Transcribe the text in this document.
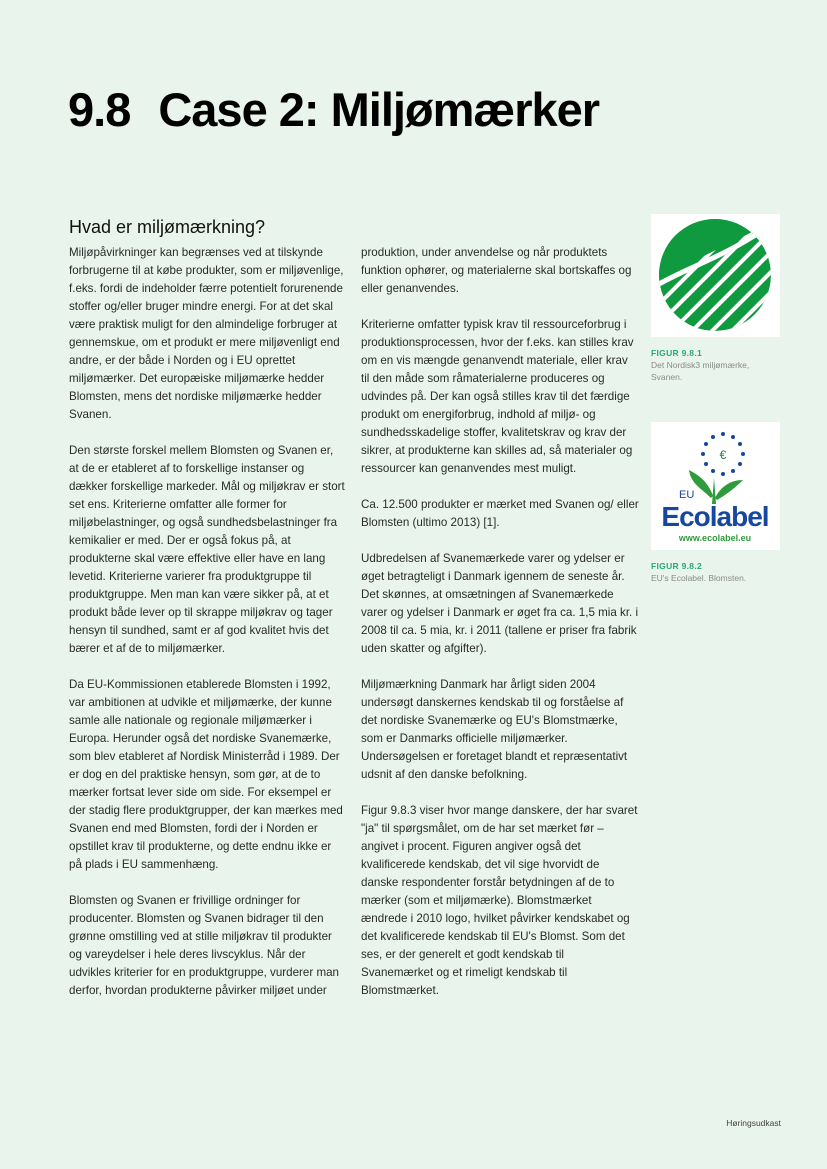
9.8 Case 2: Miljømærker
Hvad er miljømærkning?

Miljøpåvirkninger kan begrænses ved at tilskynde forbrugerne til at købe produkter, som er miljøvenlige, f.eks. fordi de indeholder færre potentielt forurenende stoffer og/eller bruger mindre energi. For at det skal være praktisk muligt for den almindelige forbruger at gennemskue, om et produkt er mere miljøvenligt end andre, er der både i Norden og i EU oprettet miljømærker. Det europæiske miljømærke hedder Blomsten, mens det nordiske miljømærke hedder Svanen.

Den største forskel mellem Blomsten og Svanen er, at de er etableret af to forskellige instanser og dækker forskellige markeder. Mål og miljøkrav er stort set ens. Kriterierne omfatter alle former for miljøbelastninger, og også sundhedsbelastninger fra kemikalier er med. Der er også fokus på, at produkterne skal være effektive eller have en lang levetid. Kriterierne varierer fra produktgruppe til produktgruppe. Men man kan være sikker på, at et produkt både lever op til skrappe miljøkrav og tager hensyn til sundhed, samt er af god kvalitet hvis det bærer et af de to miljømærker.

Da EU-Kommissionen etablerede Blomsten i 1992, var ambitionen at udvikle et miljømærke, der kunne samle alle nationale og regionale miljømærker i Europa. Herunder også det nordiske Svanemærke, som blev etableret af Nordisk Ministerråd i 1989. Der er dog en del praktiske hensyn, som gør, at de to mærker fortsat lever side om side. For eksempel er der stadig flere produktgrupper, der kan mærkes med Svanen end med Blomsten, fordi der i Norden er opstillet krav til produkterne, og dette endnu ikke er på plads i EU sammenhæng.

Blomsten og Svanen er frivillige ordninger for producenter. Blomsten og Svanen bidrager til den grønne omstilling ved at stille miljøkrav til produkter og vareydelser i hele deres livscyklus. Når der udvikles kriterier for en produktgruppe, vurderer man derfor, hvordan produkterne påvirker miljøet under

produktion, under anvendelse og når produktets funktion ophører, og materialerne skal bortskaffes og eller genanvendes.

Kriterierne omfatter typisk krav til ressourceforbrug i produktionsprocessen, hvor der f.eks. kan stilles krav om en vis mængde genanvendt materiale, eller krav til den måde som råmaterialerne produceres og udvindes på. Der kan også stilles krav til det færdige produkt om energiforbrug, indhold af miljø- og sundhedsskadelige stoffer, kvalitetskrav og krav der sikrer, at produkterne kan skilles ad, så materialer og ressourcer kan genanvendes mest muligt.

Ca. 12.500 produkter er mærket med Svanen og/ eller Blomsten (ultimo 2013) [1].

Udbredelsen af Svanemærkede varer og ydelser er øget betragteligt i Danmark igennem de seneste år. Det skønnes, at omsætningen af Svanemærkede varer og ydelser i Danmark er øget fra ca. 1,5 mia kr. i 2008 til ca. 5 mia, kr. i 2011 (tallene er priser fra fabrik uden skatter og afgifter).

Miljømærkning Danmark har årligt siden 2004 undersøgt danskernes kendskab til og forståelse af det nordiske Svanemærke og EU's Blomstmærke, som er Danmarks officielle miljømærker. Undersøgelsen er foretaget blandt et repræsentativt udsnit af den danske befolkning.

Figur 9.8.3 viser hvor mange danskere, der har svaret "ja" til spørgsmålet, om de har set mærket før – angivet i procent. Figuren angiver også det kvalificerede kendskab, det vil sige hvorvidt de danske respondenter forstår betydningen af de to mærker (som et miljømærke). Blomstmærket ændrede i 2010 logo, hvilket påvirker kendskabet og det kvalificerede kendskab til EU's Blomst. Som det ses, er der generelt et godt kendskab til Svanemærket og et rimeligt kendskab til Blomstmærket.

FIGUR 9.8.1
Det Nordisk3 miljømærke, Svanen.
€
EU
Ecolabel
www.ecolabel.eu
FIGUR 9.8.2
EU's Ecolabel. Blomsten.
Høringsudkast
